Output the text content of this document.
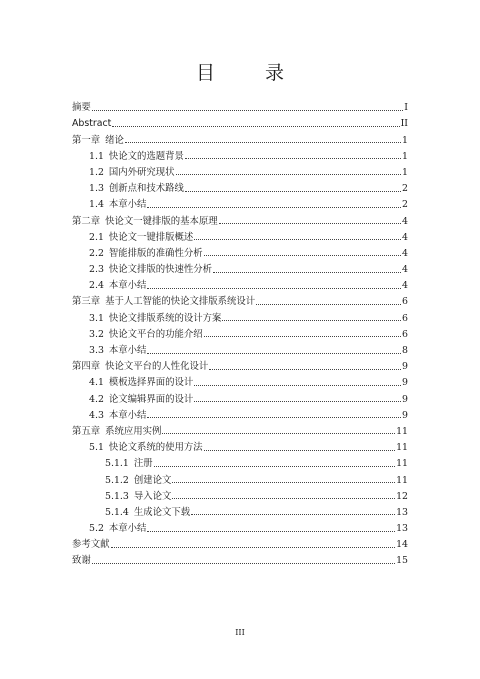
目 录
摘要	I
Abstract	II
第一章 绪论	1
1.1 快论文的选题背景	1
1.2 国内外研究现状	1
1.3 创新点和技术路线	2
1.4 本章小结	2
第二章 快论文一键排版的基本原理	4
2.1 快论文一键排版概述	4
2.2 智能排版的准确性分析	4
2.3 快论文排版的快速性分析	4
2.4 本章小结	4
第三章 基于人工智能的快论文排版系统设计	6
3.1 快论文排版系统的设计方案	6
3.2 快论文平台的功能介绍	6
3.3 本章小结	8
第四章 快论文平台的人性化设计	9
4.1 模板选择界面的设计	9
4.2 论文编辑界面的设计	9
4.3 本章小结	9
第五章 系统应用实例	11
5.1 快论文系统的使用方法	11
5.1.1 注册	11
5.1.2 创建论文	11
5.1.3 导入论文	12
5.1.4 生成论文下载	13
5.2 本章小结	13
参考文献	14
致谢	15
III
